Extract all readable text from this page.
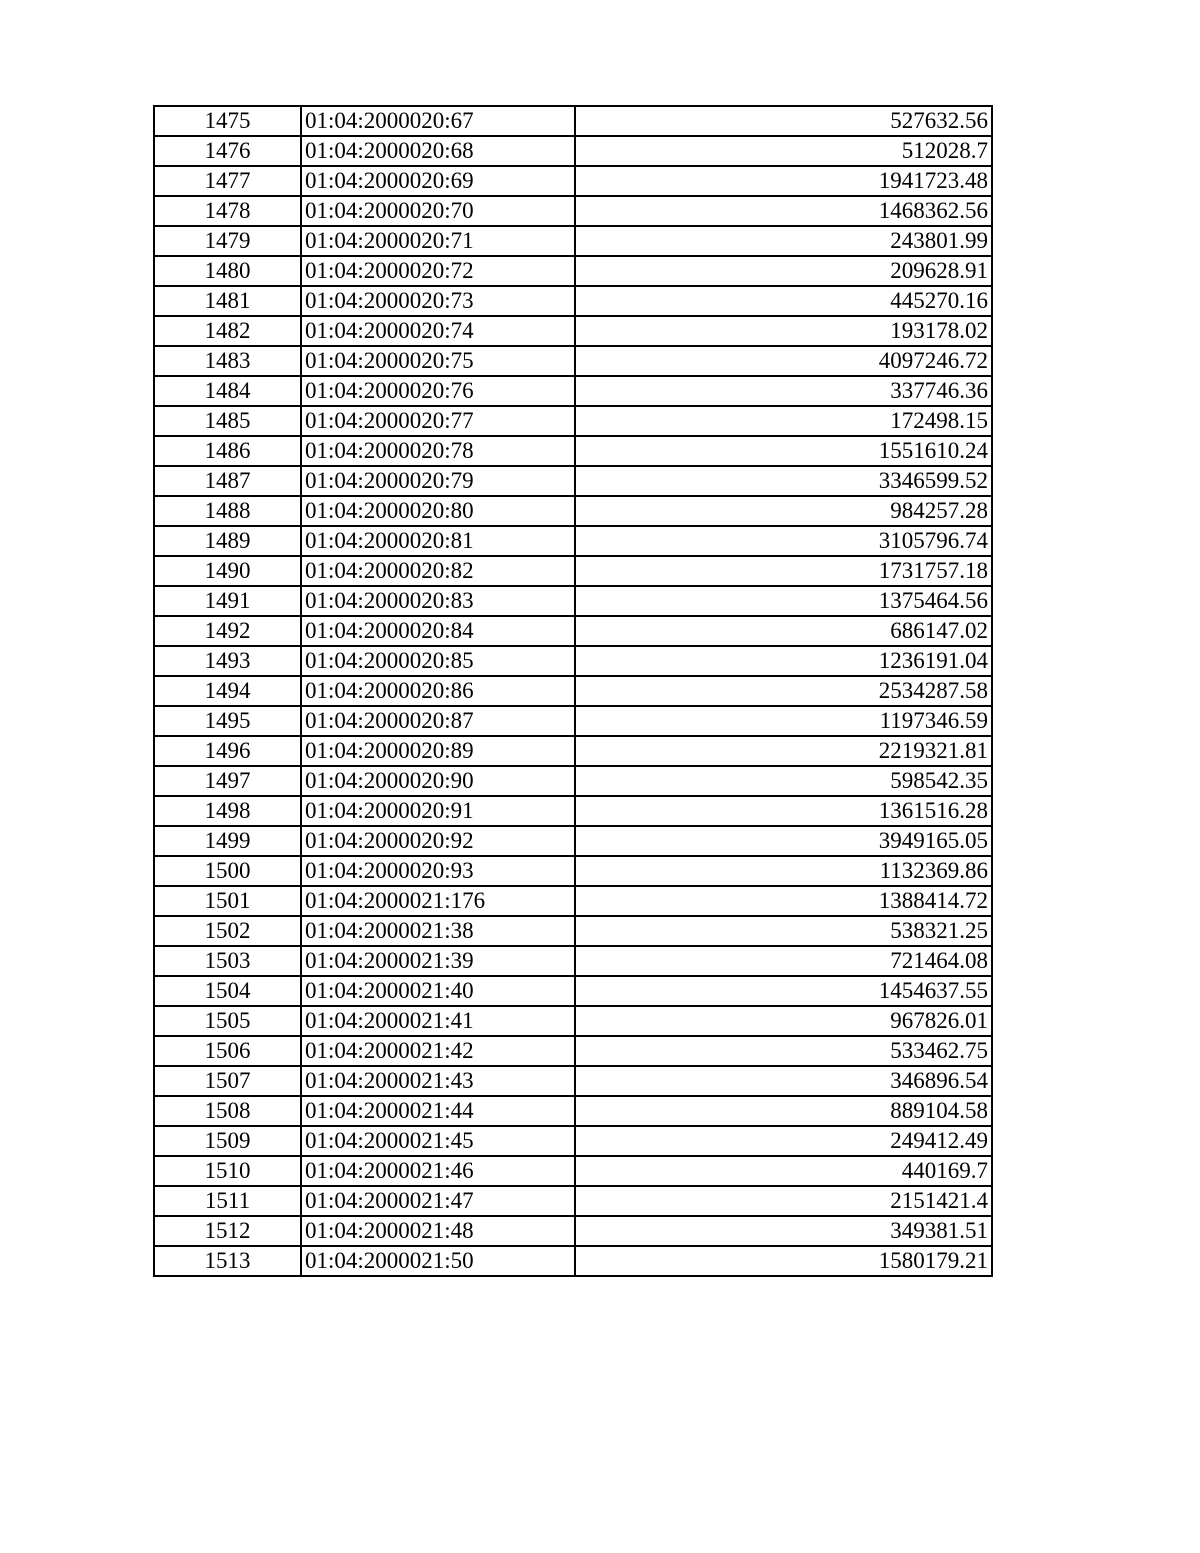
1475	01:04:2000020:67	527632.56
1476	01:04:2000020:68	512028.7
1477	01:04:2000020:69	1941723.48
1478	01:04:2000020:70	1468362.56
1479	01:04:2000020:71	243801.99
1480	01:04:2000020:72	209628.91
1481	01:04:2000020:73	445270.16
1482	01:04:2000020:74	193178.02
1483	01:04:2000020:75	4097246.72
1484	01:04:2000020:76	337746.36
1485	01:04:2000020:77	172498.15
1486	01:04:2000020:78	1551610.24
1487	01:04:2000020:79	3346599.52
1488	01:04:2000020:80	984257.28
1489	01:04:2000020:81	3105796.74
1490	01:04:2000020:82	1731757.18
1491	01:04:2000020:83	1375464.56
1492	01:04:2000020:84	686147.02
1493	01:04:2000020:85	1236191.04
1494	01:04:2000020:86	2534287.58
1495	01:04:2000020:87	1197346.59
1496	01:04:2000020:89	2219321.81
1497	01:04:2000020:90	598542.35
1498	01:04:2000020:91	1361516.28
1499	01:04:2000020:92	3949165.05
1500	01:04:2000020:93	1132369.86
1501	01:04:2000021:176	1388414.72
1502	01:04:2000021:38	538321.25
1503	01:04:2000021:39	721464.08
1504	01:04:2000021:40	1454637.55
1505	01:04:2000021:41	967826.01
1506	01:04:2000021:42	533462.75
1507	01:04:2000021:43	346896.54
1508	01:04:2000021:44	889104.58
1509	01:04:2000021:45	249412.49
1510	01:04:2000021:46	440169.7
1511	01:04:2000021:47	2151421.4
1512	01:04:2000021:48	349381.51
1513	01:04:2000021:50	1580179.21
